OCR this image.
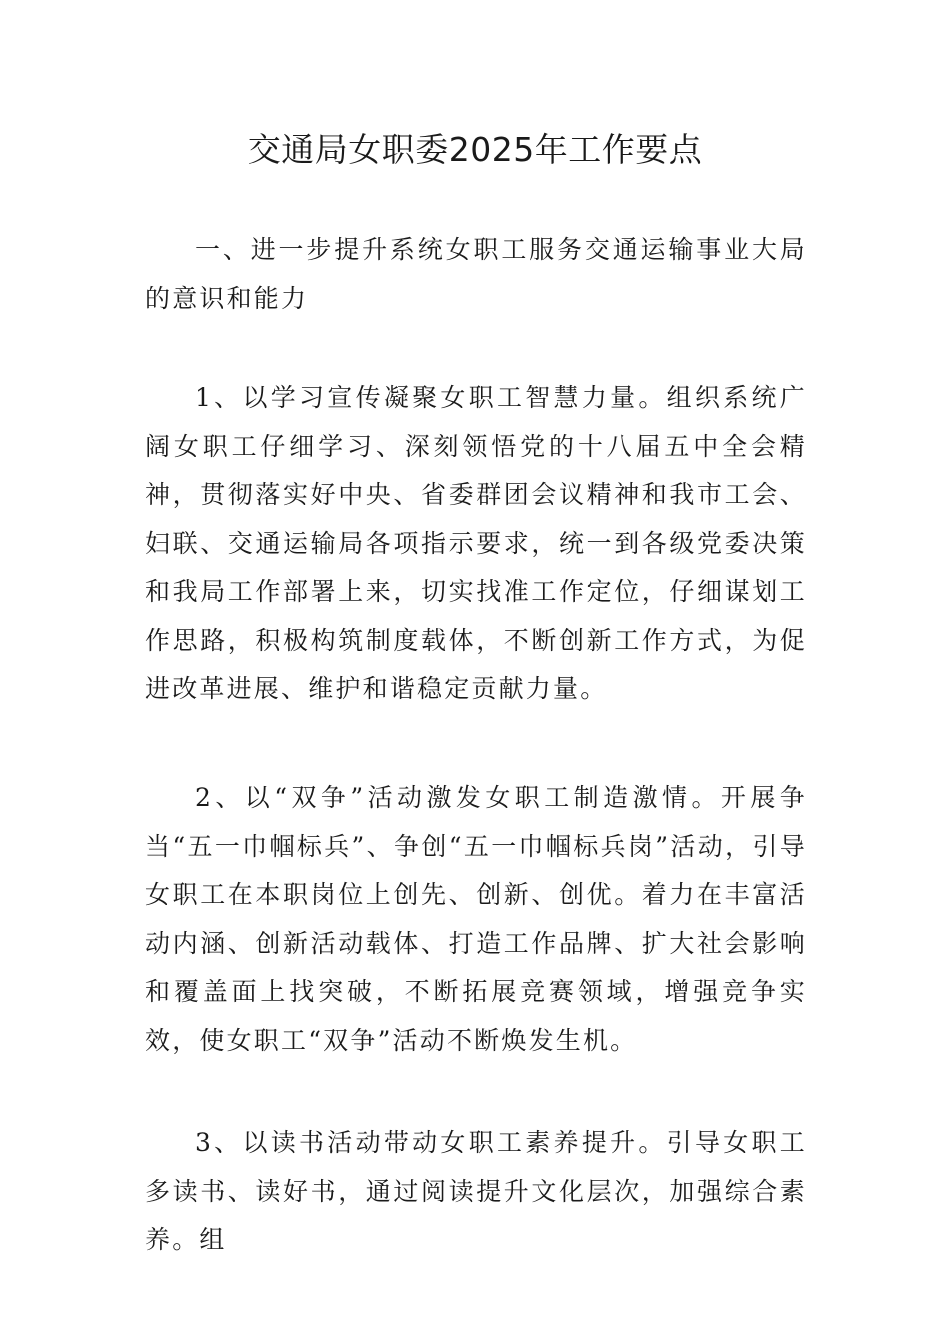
交通局女职委2025年工作要点

一、进一步提升系统女职工服务交通运输事业大局的意识和能力

1、以学习宣传凝聚女职工智慧力量。组织系统广阔女职工仔细学习、深刻领悟党的十八届五中全会精神，贯彻落实好中央、省委群团会议精神和我市工会、妇联、交通运输局各项指示要求，统一到各级党委决策和我局工作部署上来，切实找准工作定位，仔细谋划工作思路，积极构筑制度载体，不断创新工作方式，为促进改革进展、维护和谐稳定贡献力量。

2、以“双争”活动激发女职工制造激情。开展争当“五一巾帼标兵”、争创“五一巾帼标兵岗”活动，引导女职工在本职岗位上创先、创新、创优。着力在丰富活动内涵、创新活动载体、打造工作品牌、扩大社会影响和覆盖面上找突破，不断拓展竞赛领域，增强竞争实效，使女职工“双争”活动不断焕发生机。

3、以读书活动带动女职工素养提升。引导女职工多读书、读好书，通过阅读提升文化层次，加强综合素养。组
